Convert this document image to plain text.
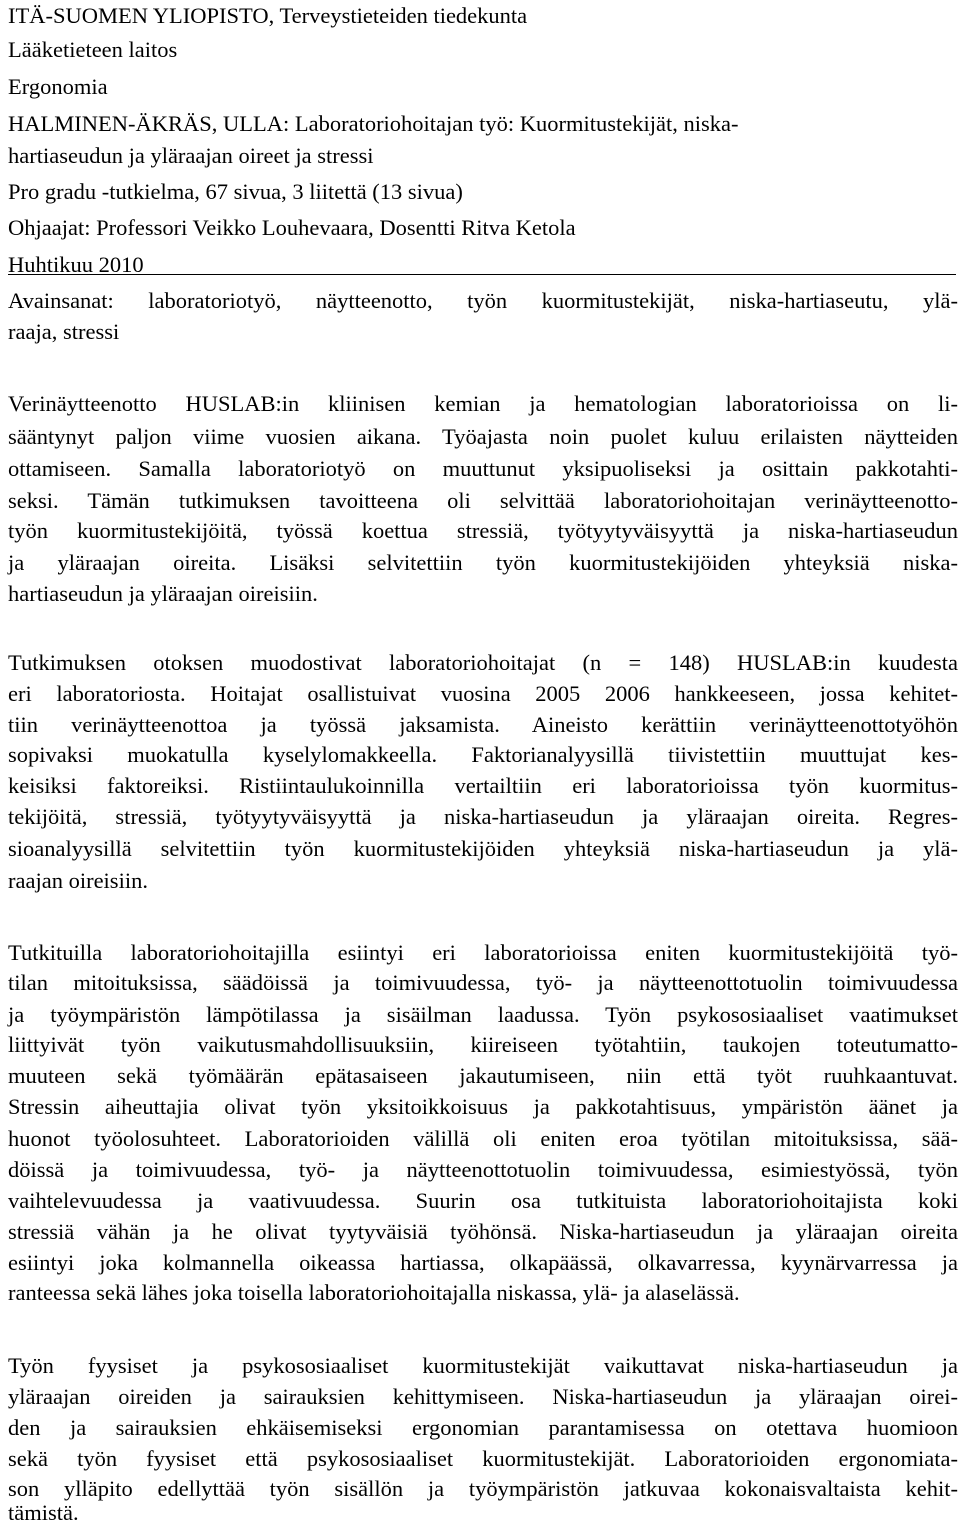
ITÄ-SUOMEN YLIOPISTO, Terveystieteiden tiedekunta
Lääketieteen laitos
Ergonomia
HALMINEN-ÄKRÄS, ULLA: Laboratoriohoitajan työ: Kuormitustekijät, niska-
hartiaseudun ja yläraajan oireet ja stressi
Pro gradu -tutkielma, 67 sivua, 3 liitettä (13 sivua)
Ohjaajat: Professori Veikko Louhevaara, Dosentti Ritva Ketola
Huhtikuu 2010
Avainsanat: laboratoriotyö, näytteenotto, työn kuormitustekijät, niska-hartiaseutu, ylä-
raaja, stressi
Verinäytteenotto HUSLAB:in kliinisen kemian ja hematologian laboratorioissa on li-
sääntynyt paljon viime vuosien aikana. Työajasta noin puolet kuluu erilaisten näytteiden
ottamiseen. Samalla laboratoriotyö on muuttunut yksipuoliseksi ja osittain pakkotahti-
seksi. Tämän tutkimuksen tavoitteena oli selvittää laboratoriohoitajan verinäytteenotto-
työn kuormitustekijöitä, työssä koettua stressiä, työtyytyväisyyttä ja niska-hartiaseudun
ja yläraajan oireita. Lisäksi selvitettiin työn kuormitustekijöiden yhteyksiä niska-
hartiaseudun ja yläraajan oireisiin.
Tutkimuksen otoksen muodostivat laboratoriohoitajat (n = 148) HUSLAB:in kuudesta
eri laboratoriosta. Hoitajat osallistuivat vuosina 2005 2006 hankkeeseen, jossa kehitet-
tiin verinäytteenottoa ja työssä jaksamista. Aineisto kerättiin verinäytteenottotyöhön
sopivaksi muokatulla kyselylomakkeella. Faktorianalyysillä tiivistettiin muuttujat kes-
keisiksi faktoreiksi. Ristiintaulukoinnilla vertailtiin eri laboratorioissa työn kuormitus-
tekijöitä, stressiä, työtyytyväisyyttä ja niska-hartiaseudun ja yläraajan oireita. Regres-
sioanalyysillä selvitettiin työn kuormitustekijöiden yhteyksiä niska-hartiaseudun ja ylä-
raajan oireisiin.
Tutkituilla laboratoriohoitajilla esiintyi eri laboratorioissa eniten kuormitustekijöitä työ-
tilan mitoituksissa, säädöissä ja toimivuudessa, työ- ja näytteenottotuolin toimivuudessa
ja työympäristön lämpötilassa ja sisäilman laadussa. Työn psykososiaaliset vaatimukset
liittyivät työn vaikutusmahdollisuuksiin, kiireiseen työtahtiin, taukojen toteutumatto-
muuteen sekä työmäärän epätasaiseen jakautumiseen, niin että työt ruuhkaantuvat.
Stressin aiheuttajia olivat työn yksitoikkoisuus ja pakkotahtisuus, ympäristön äänet ja
huonot työolosuhteet. Laboratorioiden välillä oli eniten eroa työtilan mitoituksissa, sää-
döissä ja toimivuudessa, työ- ja näytteenottotuolin toimivuudessa, esimiestyössä, työn
vaihtelevuudessa ja vaativuudessa. Suurin osa tutkituista laboratoriohoitajista koki
stressiä vähän ja he olivat tyytyväisiä työhönsä. Niska-hartiaseudun ja yläraajan oireita
esiintyi joka kolmannella oikeassa hartiassa, olkapäässä, olkavarressa, kyynärvarressa ja
ranteessa sekä lähes joka toisella laboratoriohoitajalla niskassa, ylä- ja alaselässä.
Työn fyysiset ja psykososiaaliset kuormitustekijät vaikuttavat niska-hartiaseudun ja
yläraajan oireiden ja sairauksien kehittymiseen. Niska-hartiaseudun ja yläraajan oirei-
den ja sairauksien ehkäisemiseksi ergonomian parantamisessa on otettava huomioon
sekä työn fyysiset että psykososiaaliset kuormitustekijät. Laboratorioiden ergonomiata-
son ylläpito edellyttää työn sisällön ja työympäristön jatkuvaa kokonaisvaltaista kehit-
tämistä.
